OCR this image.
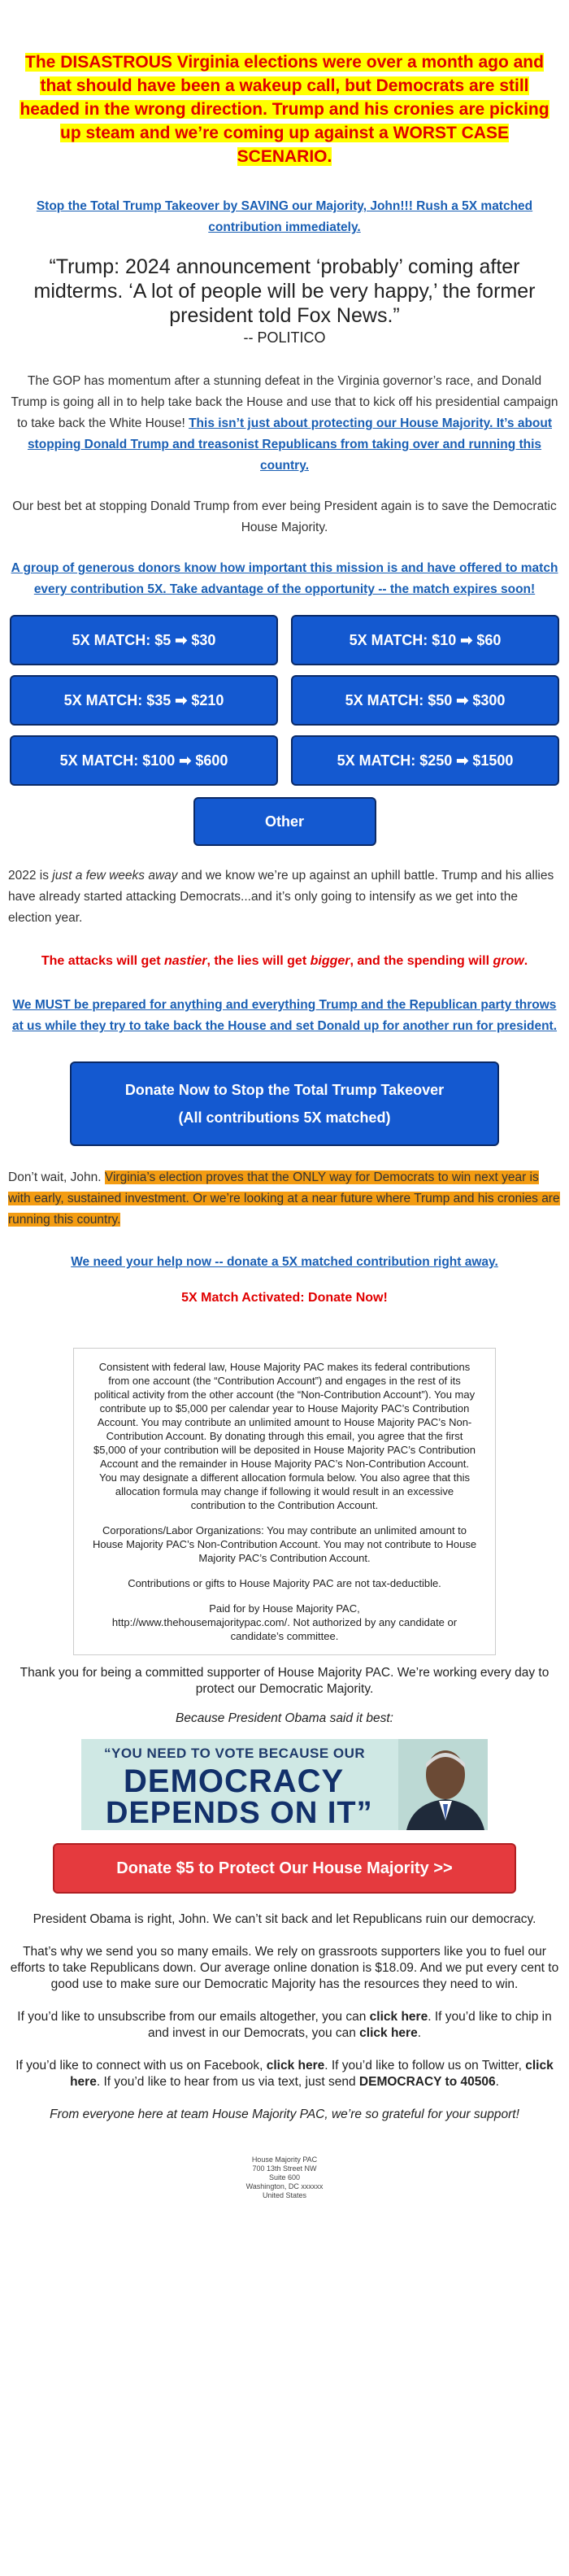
The DISASTROUS Virginia elections were over a month ago and that should have been a wakeup call, but Democrats are still headed in the wrong direction. Trump and his cronies are picking up steam and we’re coming up against a WORST CASE SCENARIO.
Stop the Total Trump Takeover by SAVING our Majority, John!!! Rush a 5X matched contribution immediately.
“Trump: 2024 announcement ‘probably’ coming after midterms. ‘A lot of people will be very happy,’ the former president told Fox News.”
-- POLITICO

The GOP has momentum after a stunning defeat in the Virginia governor’s race, and Donald Trump is going all in to help take back the House and use that to kick off his presidential campaign to take back the White House! This isn’t just about protecting our House Majority. It’s about stopping Donald Trump and treasonist Republicans from taking over and running this country.

Our best bet at stopping Donald Trump from ever being President again is to save the Democratic House Majority.

A group of generous donors know how important this mission is and have offered to match every contribution 5X. Take advantage of the opportunity -- the match expires soon!

5X MATCH: $5 ➡ $30	5X MATCH: $10 ➡ $60
5X MATCH: $35 ➡ $210	5X MATCH: $50 ➡ $300
5X MATCH: $100 ➡ $600	5X MATCH: $250 ➡ $1500
Other

2022 is just a few weeks away and we know we’re up against an uphill battle. Trump and his allies have already started attacking Democrats...and it’s only going to intensify as we get into the election year.

The attacks will get nastier, the lies will get bigger, and the spending will grow.

We MUST be prepared for anything and everything Trump and the Republican party throws at us while they try to take back the House and set Donald up for another run for president.

Donate Now to Stop the Total Trump Takeover
(All contributions 5X matched)

Don’t wait, John. Virginia’s election proves that the ONLY way for Democrats to win next year is with early, sustained investment. Or we’re looking at a near future where Trump and his cronies are running this country.

We need your help now -- donate a 5X matched contribution right away.

5X Match Activated: Donate Now!

Consistent with federal law, House Majority PAC makes its federal contributions from one account (the “Contribution Account”) and engages in the rest of its political activity from the other account (the “Non-Contribution Account”). You may contribute up to $5,000 per calendar year to House Majority PAC’s Contribution Account. You may contribute an unlimited amount to House Majority PAC’s Non-Contribution Account. By donating through this email, you agree that the first $5,000 of your contribution will be deposited in House Majority PAC’s Contribution Account and the remainder in House Majority PAC’s Non-Contribution Account. You may designate a different allocation formula below. You also agree that this allocation formula may change if following it would result in an excessive contribution to the Contribution Account.

Corporations/Labor Organizations: You may contribute an unlimited amount to House Majority PAC’s Non-Contribution Account. You may not contribute to House Majority PAC’s Contribution Account.

Contributions or gifts to House Majority PAC are not tax-deductible.

Paid for by House Majority PAC,
http://www.thehousemajoritypac.com/. Not authorized by any candidate or candidate’s committee.

Thank you for being a committed supporter of House Majority PAC. We’re working every day to protect our Democratic Majority.

Because President Obama said it best:

“YOU NEED TO VOTE BECAUSE OUR
DEMOCRACY
DEPENDS ON IT”
Donate $5 to Protect Our House Majority >>

President Obama is right, John. We can’t sit back and let Republicans ruin our democracy.

That’s why we send you so many emails. We rely on grassroots supporters like you to fuel our efforts to take Republicans down. Our average online donation is $18.09. And we put every cent to good use to make sure our Democratic Majority has the resources they need to win.

If you’d like to unsubscribe from our emails altogether, you can click here. If you’d like to chip in and invest in our Democrats, you can click here.

If you’d like to connect with us on Facebook, click here. If you’d like to follow us on Twitter, click here. If you’d like to hear from us via text, just send DEMOCRACY to 40506.

From everyone here at team House Majority PAC, we’re so grateful for your support!

House Majority PAC
700 13th Street NW
Suite 600
Washington, DC xxxxxx
United States
